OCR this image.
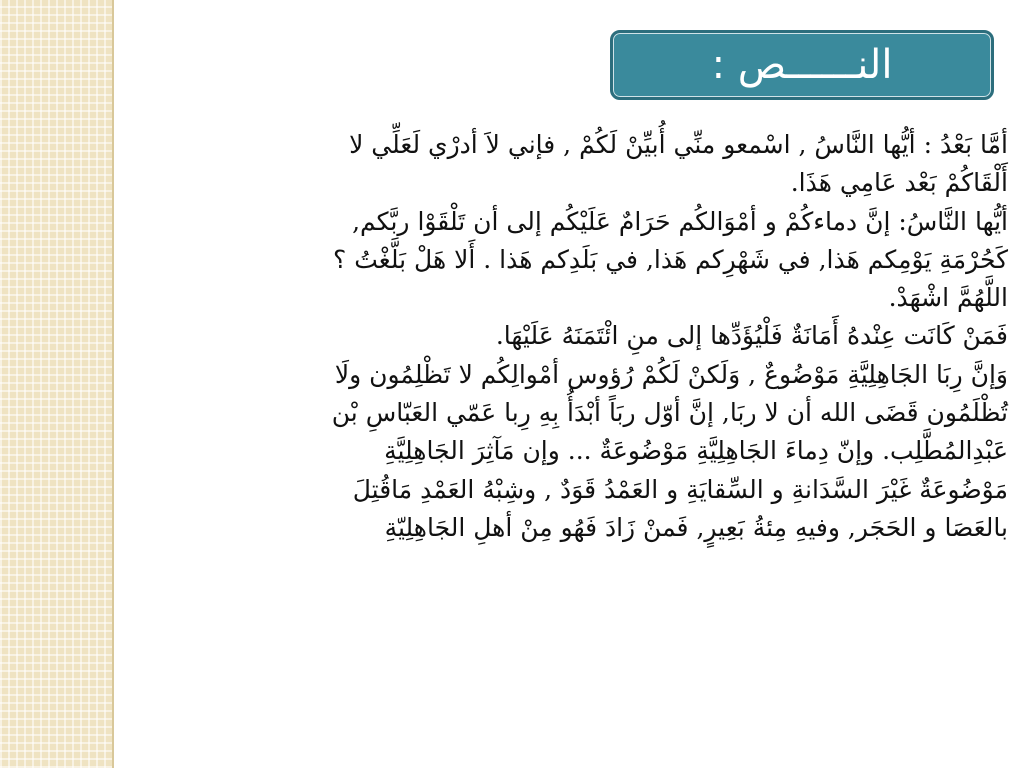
النــــــص :
أمَّا بَعْدُ : أيُّها النَّاسُ , اسْمعو منِّي أُبيِّنْ لَكُمْ , فإني لاَ أدرْي لَعَلِّي لا
أَلْقَاكُمْ بَعْد عَامِي هَذَا.
أيُّها النَّاسُ: إنَّ دماءكُمْ و أمْوَالكُم حَرَامٌ عَلَيْكُم إلى أن تَلْقَوْا ربَّكم,
كَحُرْمَةِ يَوْمِكم هَذا, في شَهْرِكم هَذا, في بَلَدِكم هَذا . أَلا هَلْ بَلَّغْتُ ؟
اللَّهُمَّ اشْهَدْ.
فَمَنْ كَانَت عِنْدهُ أَمَانَةٌ فَلْيُؤَدِّها إلى منِ ائْتَمَنَهُ عَلَيْهَا.
وَإنَّ رِبَا الجَاهِلِيَّةِ مَوْضُوعٌ , وَلَكنْ لَكُمْ رُؤوس أمْوالِكُم لا تَظْلِمُون ولَا
تُظْلَمُون قَضَى الله أن لا ربَا, إنَّ أوّل ربَاً أبْدَأُ بِهِ رِبا عَمّي العَبّاسِ بْن
عَبْدِالمُطَّلِب. وإنّ دِماءَ الجَاهِلِيَّةِ مَوْضُوعَةٌ ... وإن مَآثِرَ الجَاهِلِيَّةِ
مَوْضُوعَةٌ غَيْرَ السَّدَانةِ و السِّقايَةِ و العَمْدُ قَوَدٌ , وشِبْهُ العَمْدِ مَاقُتِلَ
بالعَصَا و الحَجَر, وفيهِ مِئةُ بَعِيرٍ, فَمنْ زَادَ فَهُو مِنْ أهلِ الجَاهِلِيّةِ
